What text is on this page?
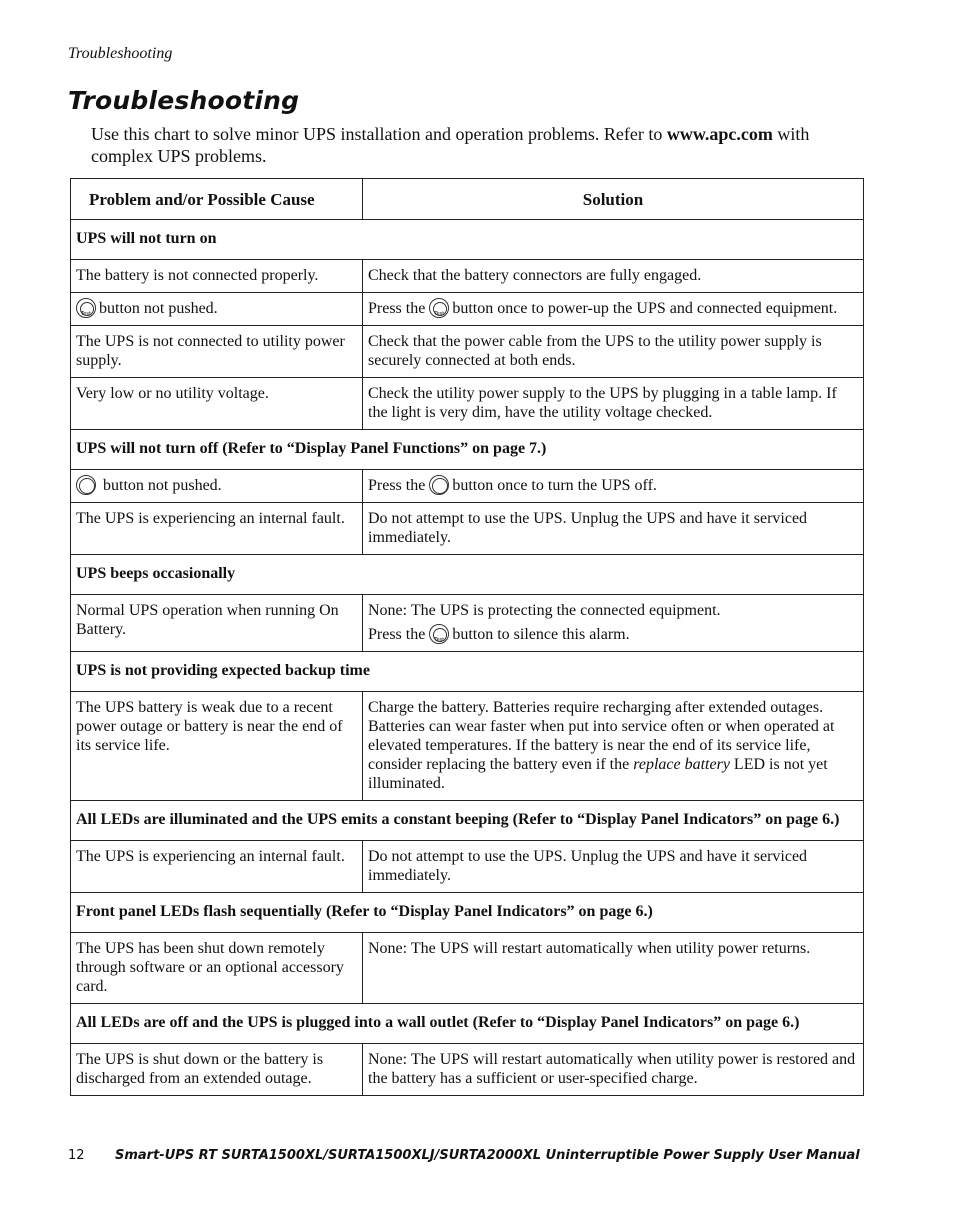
Troubleshooting
Troubleshooting
Use this chart to solve minor UPS installation and operation problems. Refer to www.apc.com with complex UPS problems.
Problem and/or Possible Cause	Solution
UPS will not turn on	
The battery is not connected properly.	Check that the battery connectors are fully engaged.
Testbutton not pushed.	Press the Test button once to power-up the UPS and connected equipment.
The UPS is not connected to utility power supply.	Check that the power cable from the UPS to the utility power supply is securely connected at both ends.
Very low or no utility voltage.	Check the utility power supply to the UPS by plugging in a table lamp. If the light is very dim, have the utility voltage checked.
UPS will not turn off (Refer to “Display Panel Functions” on page 7.)	
button not pushed.	Press the button once to turn the UPS off.
The UPS is experiencing an internal fault.	Do not attempt to use the UPS. Unplug the UPS and have it serviced immediately.
UPS beeps occasionally	
Normal UPS operation when running On Battery.	None: The UPS is protecting the connected equipment.
Press the Test button to silence this alarm.

UPS is not providing expected backup time	
The UPS battery is weak due to a recent power outage or battery is near the end of its service life.	Charge the battery. Batteries require recharging after extended outages. Batteries can wear faster when put into service often or when operated at elevated temperatures. If the battery is near the end of its service life, consider replacing the battery even if the replace battery LED is not yet illuminated.
All LEDs are illuminated and the UPS emits a constant beeping (Refer to “Display Panel Indicators” on page 6.)	
The UPS is experiencing an internal fault.	Do not attempt to use the UPS. Unplug the UPS and have it serviced immediately.
Front panel LEDs flash sequentially (Refer to “Display Panel Indicators” on page 6.)	
The UPS has been shut down remotely through software or an optional accessory card.	None: The UPS will restart automatically when utility power returns.
All LEDs are off and the UPS is plugged into a wall outlet (Refer to “Display Panel Indicators” on page 6.)	
The UPS is shut down or the battery is discharged from an extended outage.	None: The UPS will restart automatically when utility power is restored and the battery has a sufficient or user-specified charge.
12 Smart-UPS RT SURTA1500XL/SURTA1500XLJ/SURTA2000XL Uninterruptible Power Supply User Manual
